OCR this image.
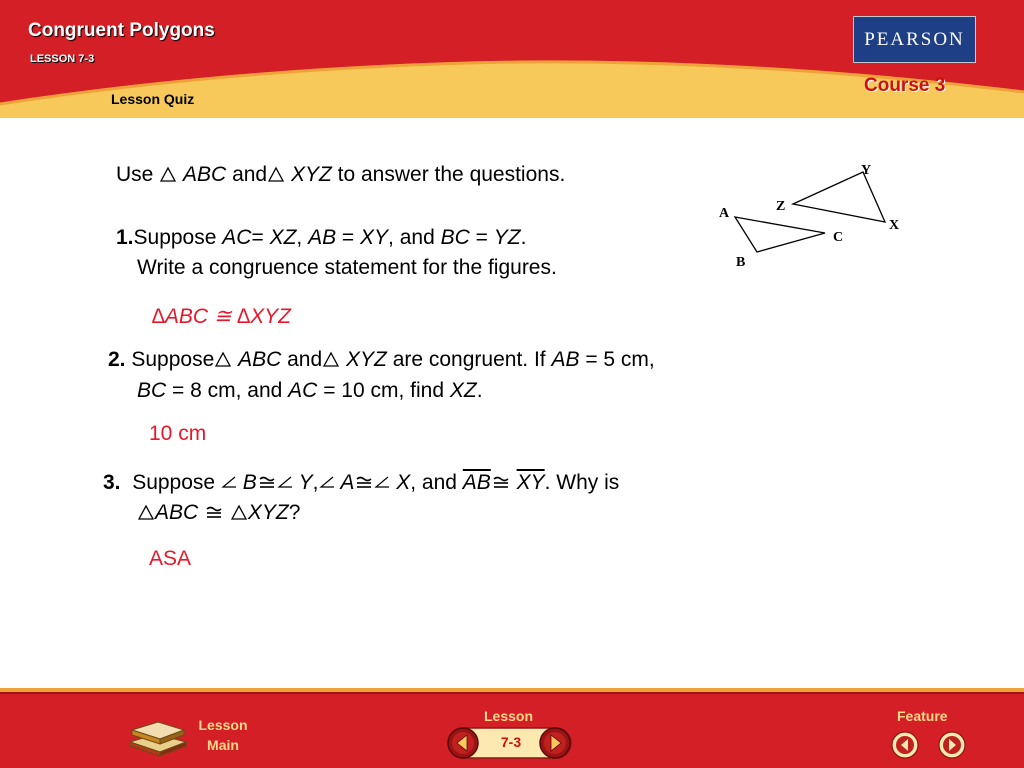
Congruent Polygons
LESSON 7-3
Lesson Quiz
PEARSON
Course 3
Use ABC and XYZ to answer the questions.
A
B
C
Z
Y
X
1.Suppose AC= XZ, AB = XY, and BC = YZ.
Write a congruence statement for the figures.
∆ABC ≅ ∆XYZ
2. Suppose ABC and XYZ are congruent. If AB = 5 cm,
BC = 8 cm, and AC = 10 cm, find XZ.
10 cm
3. Suppose  B Y, A X, and $\overline{AB}$ $\overline{XY}$. Why is
ABC XYZ?
ASA
Lesson Main
Lesson
7-3
Feature
